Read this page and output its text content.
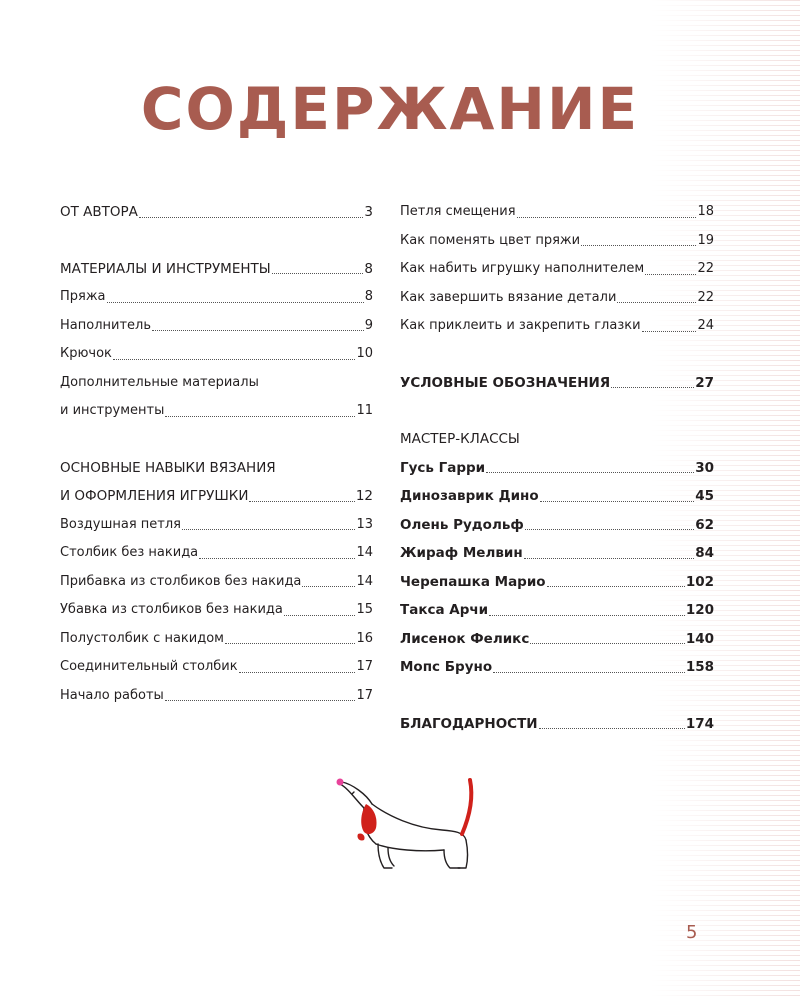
СОДЕРЖАНИЕ
ОТ АВТОРА	3
МАТЕРИАЛЫ И ИНСТРУМЕНТЫ	8
Пряжа	8
Наполнитель	9
Крючок	10
Дополнительные материалы
и инструменты	11
ОСНОВНЫЕ НАВЫКИ ВЯЗАНИЯ
И ОФОРМЛЕНИЯ ИГРУШКИ	12
Воздушная петля	13
Столбик без накида	14
Прибавка из столбиков без накида	14
Убавка из столбиков без накида	15
Полустолбик с накидом	16
Соединительный столбик	17
Начало работы	17
Петля смещения	18
Как поменять цвет пряжи	19
Как набить игрушку наполнителем	22
Как завершить вязание детали	22
Как приклеить и закрепить глазки	24
УСЛОВНЫЕ ОБОЗНАЧЕНИЯ	27
МАСТЕР-КЛАССЫ
Гусь Гарри	30
Динозаврик Дино	45
Олень Рудольф	62
Жираф Мелвин	84
Черепашка Марио	102
Такса Арчи	120
Лисенок Феликс	140
Мопс Бруно	158
БЛАГОДАРНОСТИ	174
5
